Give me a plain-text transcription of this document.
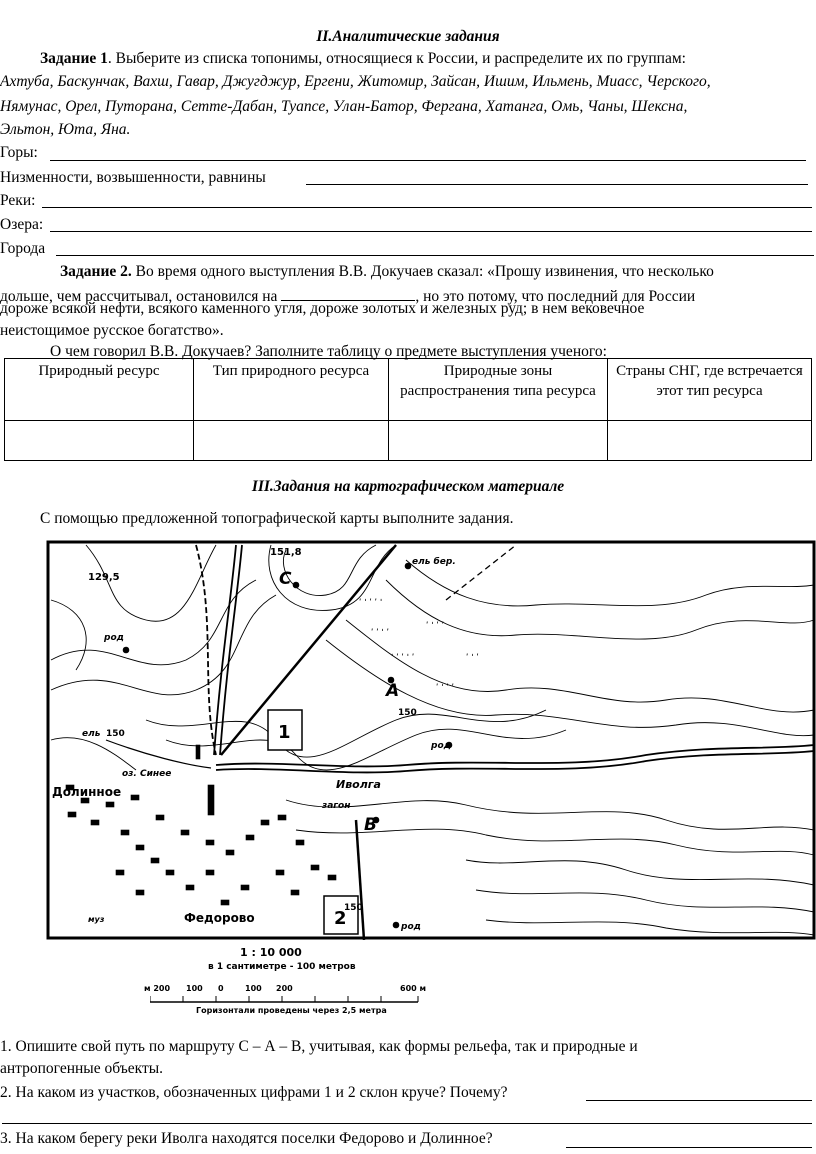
II.Аналитические задания
Задание 1. Выберите из списка топонимы, относящиеся к России, и распределите их по группам:
Ахтуба, Баскунчак, Вахш, Гавар, Джугджур, Ергени, Житомир, Зайсан, Ишим, Ильмень, Миасс, Черского,
Нямунас, Орел, Путорана, Сетте-Дабан, Туапсе, Улан-Батор, Фергана, Хатанга, Омь, Чаны, Шексна,
Эльтон, Юта, Яна.
Горы:
Низменности, возвышенности, равнины
Реки:
Озера:
Города
Задание 2. Во время одного выступления В.В. Докучаев сказал: «Прошу извинения, что несколько
дольше, чем рассчитывал, остановился на	, но это потому, что последний для России
дороже всякой нефти, всякого каменного угля, дороже золотых и железных руд; в нем вековечное
неистощимое русское богатство».
О чем говорил В.В. Докучаев? Заполните таблицу о предмете выступления ученого:
Природный ресурс	Тип природного ресурса	Природные зоны распространения типа ресурса	Страны СНГ, где встречается этот тип ресурса

III.Задания на картографическом материале
С помощью предложенной топографической карты выполните задания.
ʹ ˈ ʹ ʹ ˈ
ʹ ʹ ˈ ʹ
ˈ ʹ ʹ ˈ ʹ
ʹ ˈ ʹ ʹ
ʹ ˈ ʹ ʹ
ʹ ˈ ʹ
151,8
129,5	С
А
В
ель бер.
род
род
род
ель 150
150
150
оз. Синее
Иволга
загон
Долинное
Федорово
1
2
муз
1 : 10 000
в 1 сантиметре - 100 метров
м 200 100 0	100 200	600 м
Горизонтали проведены через 2,5 метра
1. Опишите свой путь по маршруту С – А – В, учитывая, как формы рельефа, так и природные и
антропогенные объекты.
2. На каком из участков, обозначенных цифрами 1 и 2 склон круче? Почему?
3. На каком берегу реки Иволга находятся поселки Федорово и Долинное?
